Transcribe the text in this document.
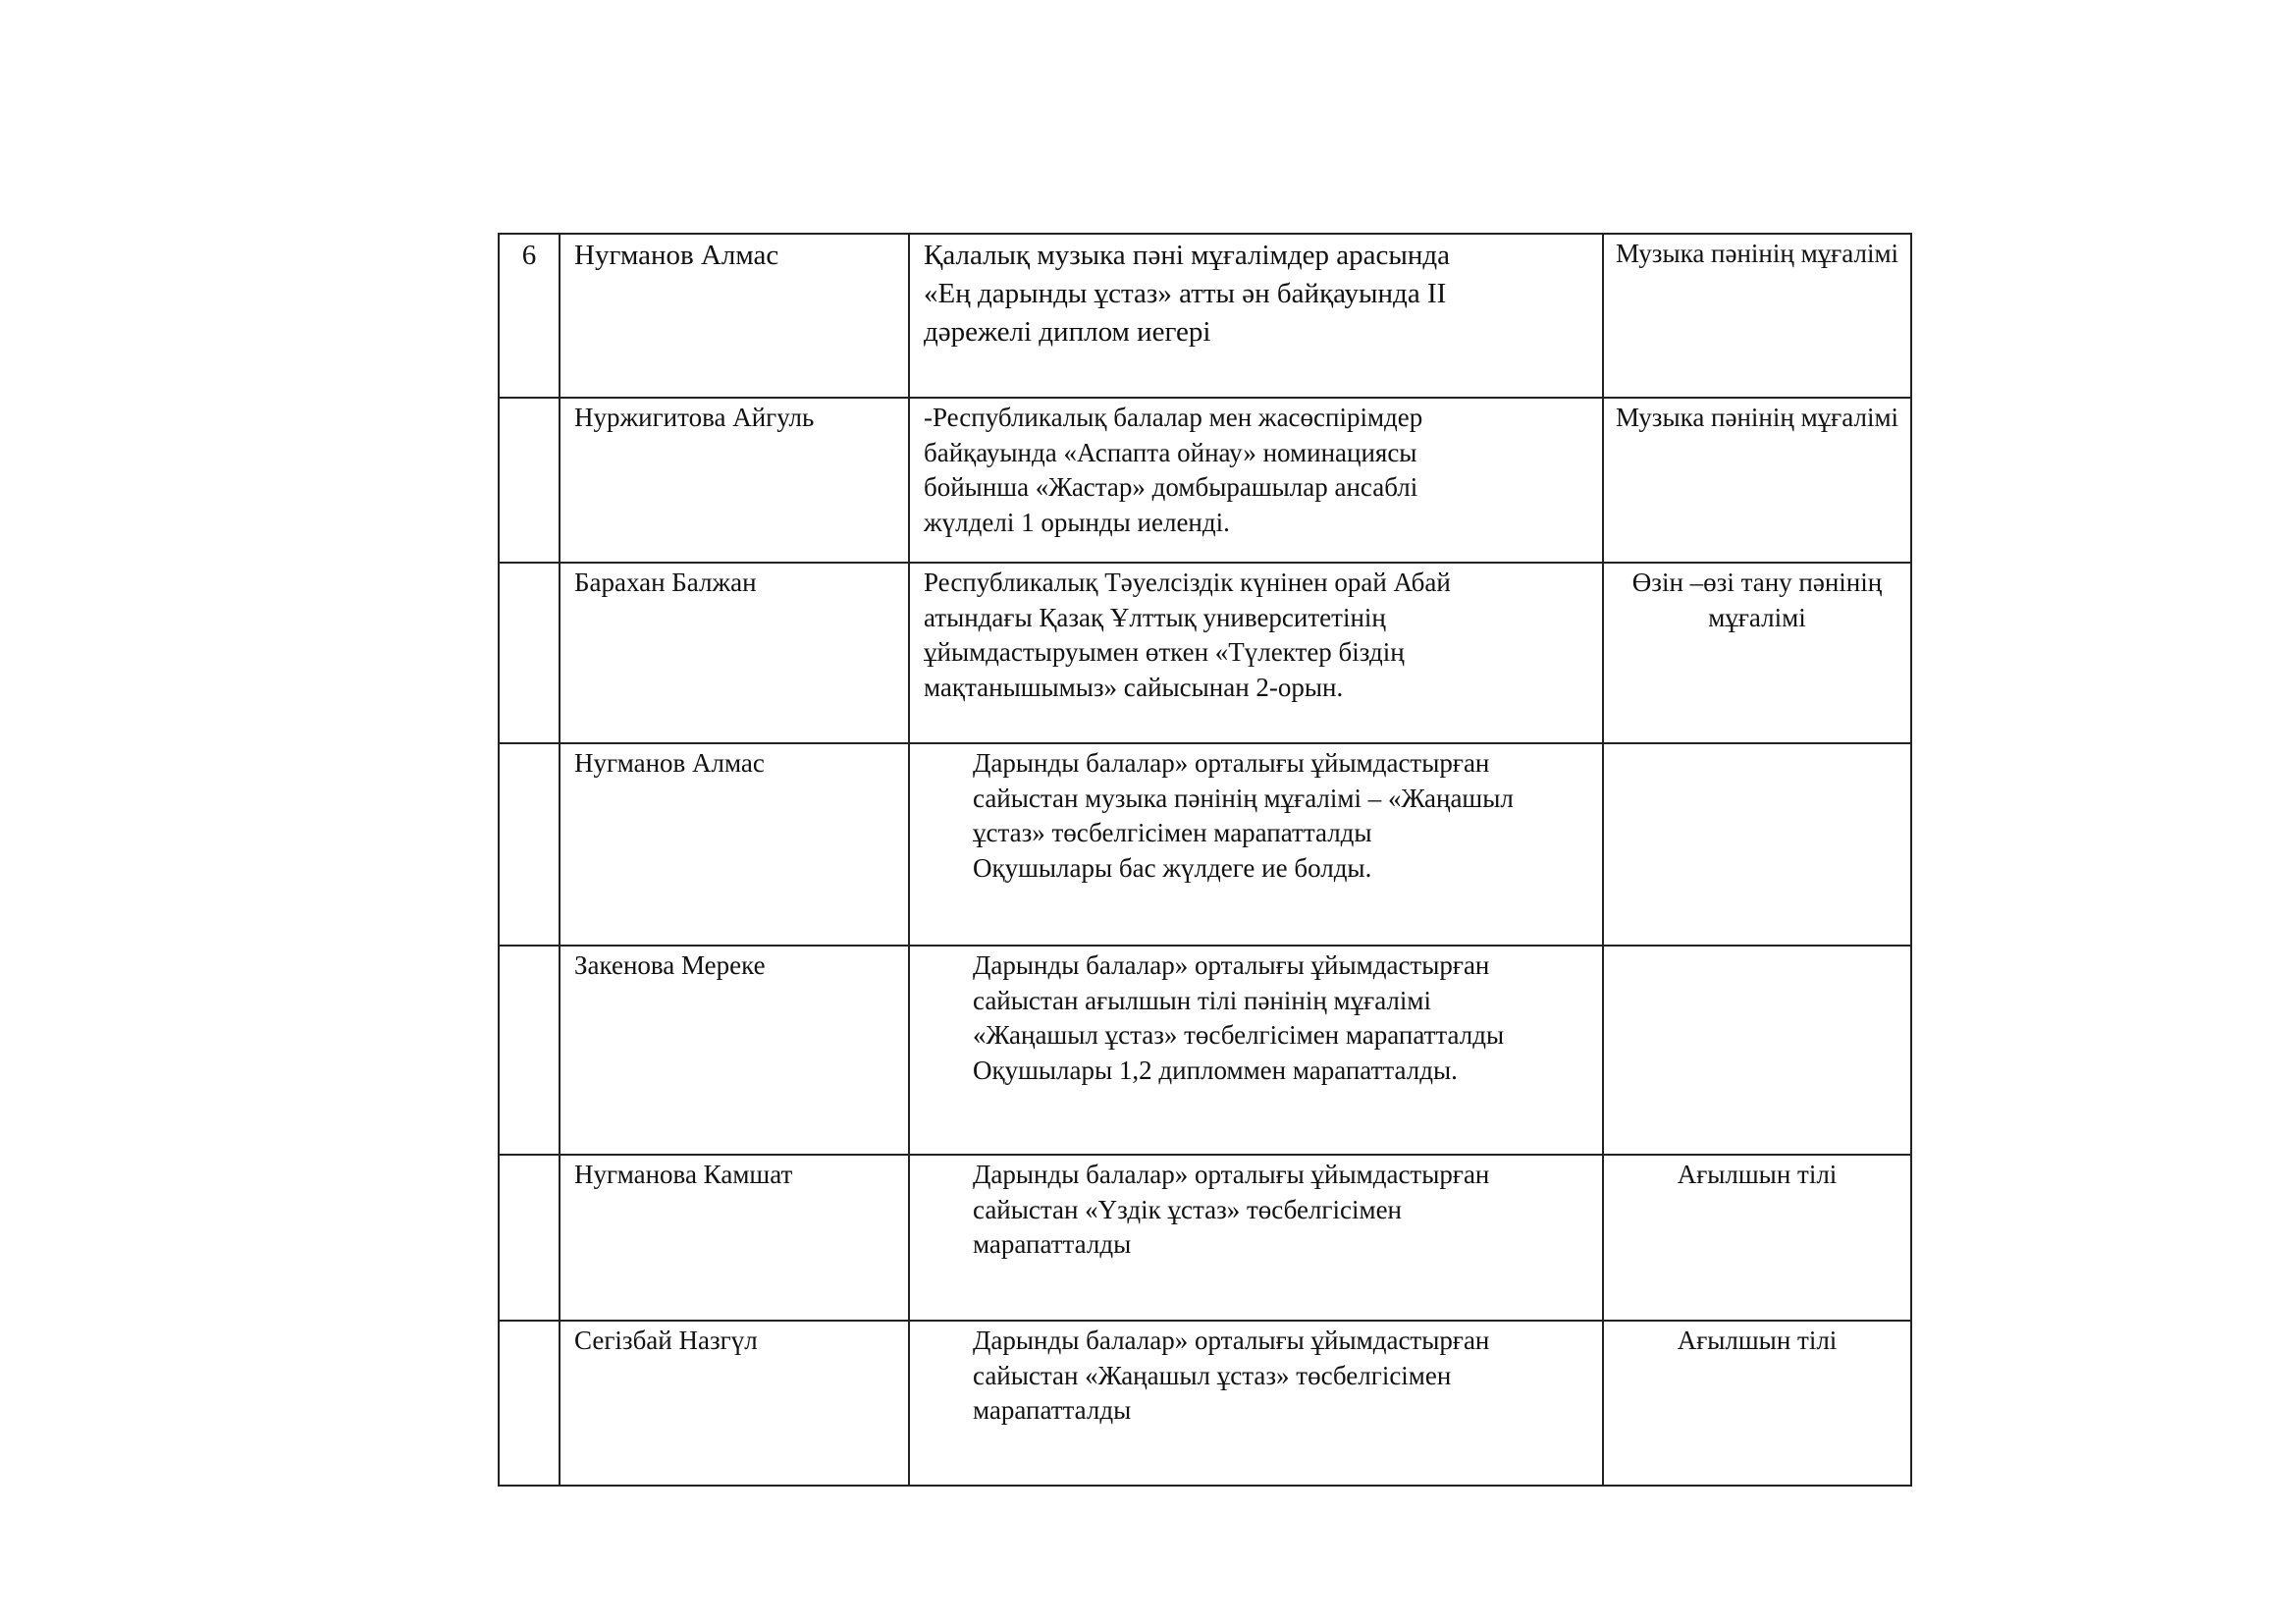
6	Нугманов Алмас	Қалалық музыка пәні мұғалімдер арасында
«Ең дарынды ұстаз» атты ән байқауында II
дәрежелі диплом иегері	Музыка пәнінің мұғалімі
	Нуржигитова Айгуль	-Республикалық балалар мен жасөспірімдер
байқауында «Аспапта ойнау» номинациясы
бойынша «Жастар» домбырашылар ансаблі
жүлделі 1 орынды иеленді.	Музыка пәнінің мұғалімі
	Барахан Балжан	Республикалық Тәуелсіздік күнінен орай Абай
атындағы Қазақ Ұлттық университетінің
ұйымдастыруымен өткен «Түлектер біздің
мақтанышымыз» сайысынан 2-орын.	Өзін –өзі тану пәнінің мұғалімі
	Нугманов Алмас	Дарынды балалар» орталығы ұйымдастырған
сайыстан музыка пәнінің мұғалімі – «Жаңашыл
ұстаз» төсбелгісімен марапатталды
Оқушылары бас жүлдеге ие болды.	

	Закенова Мереке	Дарынды балалар» орталығы ұйымдастырған
сайыстан ағылшын тілі пәнінің мұғалімі
«Жаңашыл ұстаз» төсбелгісімен марапатталды
Оқушылары 1,2 дипломмен марапатталды.	

	Нугманова Камшат	Дарынды балалар» орталығы ұйымдастырған
сайыстан «Үздік ұстаз» төсбелгісімен
марапатталды	Ағылшын тілі
	Сегізбай Назгүл	Дарынды балалар» орталығы ұйымдастырған
сайыстан «Жаңашыл ұстаз» төсбелгісімен
марапатталды	Ағылшын тілі
